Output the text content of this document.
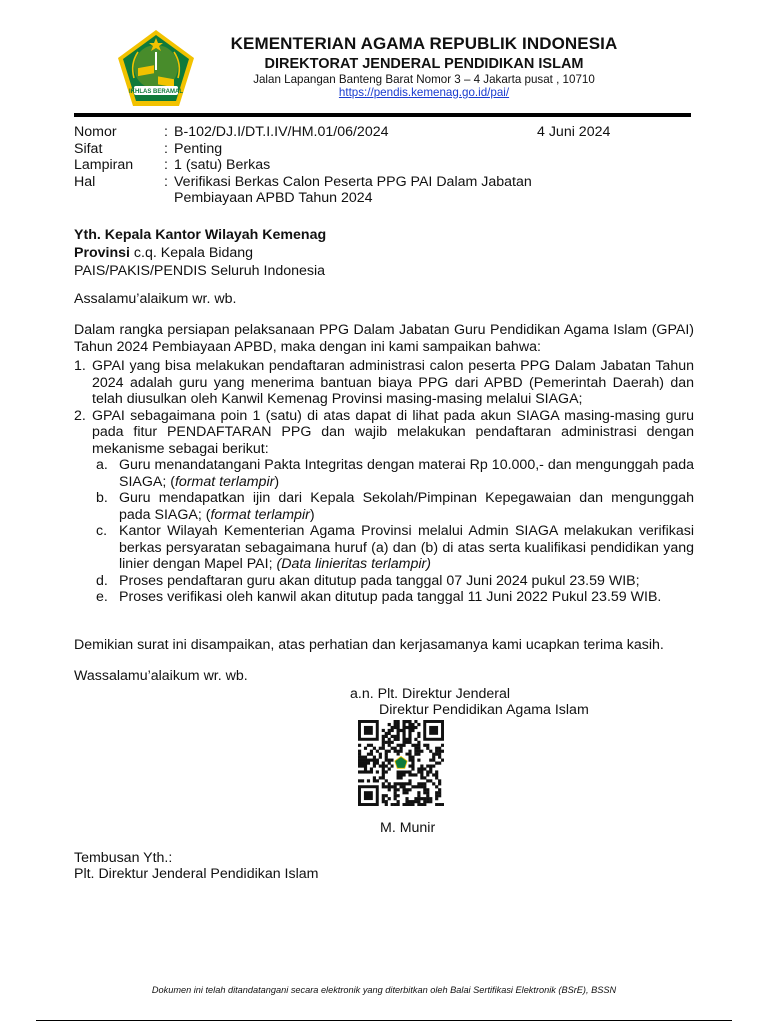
IKHLAS BERAMAL
KEMENTERIAN AGAMA REPUBLIK INDONESIA
DIREKTORAT JENDERAL PENDIDIKAN ISLAM
Jalan Lapangan Banteng Barat Nomor 3 – 4 Jakarta pusat , 10710
https://pendis.kemenag.go.id/pai/
Nomor	: B-102/DJ.I/DT.I.IV/HM.01/06/2024	4 Juni 2024
Sifat	: Penting
Lampiran	: 1 (satu) Berkas
Hal	: Verifikasi Berkas Calon Peserta PPG PAI Dalam Jabatan Pembiayaan APBD Tahun 2024
Yth. Kepala Kantor Wilayah Kemenag
Provinsi c.q. Kepala Bidang
PAIS/PAKIS/PENDIS Seluruh Indonesia
Assalamu’alaikum wr. wb.
Dalam rangka persiapan pelaksanaan PPG Dalam Jabatan Guru Pendidikan Agama Islam (GPAI) Tahun 2024 Pembiayaan APBD, maka dengan ini kami sampaikan bahwa:
1. GPAI yang bisa melakukan pendaftaran administrasi calon peserta PPG Dalam Jabatan Tahun 2024 adalah guru yang menerima bantuan biaya PPG dari APBD (Pemerintah Daerah) dan telah diusulkan oleh Kanwil Kemenag Provinsi masing-masing melalui SIAGA;
2. GPAI sebagaimana poin 1 (satu) di atas dapat di lihat pada akun SIAGA masing-masing guru pada fitur PENDAFTARAN PPG dan wajib melakukan pendaftaran administrasi dengan mekanisme sebagai berikut:
a. Guru menandatangani Pakta Integritas dengan materai Rp 10.000,- dan mengunggah pada SIAGA; (format terlampir)
b. Guru mendapatkan ijin dari Kepala Sekolah/Pimpinan Kepegawaian dan mengunggah pada SIAGA; (format terlampir)
c. Kantor Wilayah Kementerian Agama Provinsi melalui Admin SIAGA melakukan verifikasi berkas persyaratan sebagaimana huruf (a) dan (b) di atas serta kualifikasi pendidikan yang linier dengan Mapel PAI; (Data linieritas terlampir)
d. Proses pendaftaran guru akan ditutup pada tanggal 07 Juni 2024 pukul 23.59 WIB;
e. Proses verifikasi oleh kanwil akan ditutup pada tanggal 11 Juni 2022 Pukul 23.59 WIB.
Demikian surat ini disampaikan, atas perhatian dan kerjasamanya kami ucapkan terima kasih.
Wassalamu’alaikum wr. wb.
a.n. Plt. Direktur Jenderal
Direktur Pendidikan Agama Islam
M. Munir
Tembusan Yth.:
Plt. Direktur Jenderal Pendidikan Islam
Dokumen ini telah ditandatangani secara elektronik yang diterbitkan oleh Balai Sertifikasi Elektronik (BSrE), BSSN
